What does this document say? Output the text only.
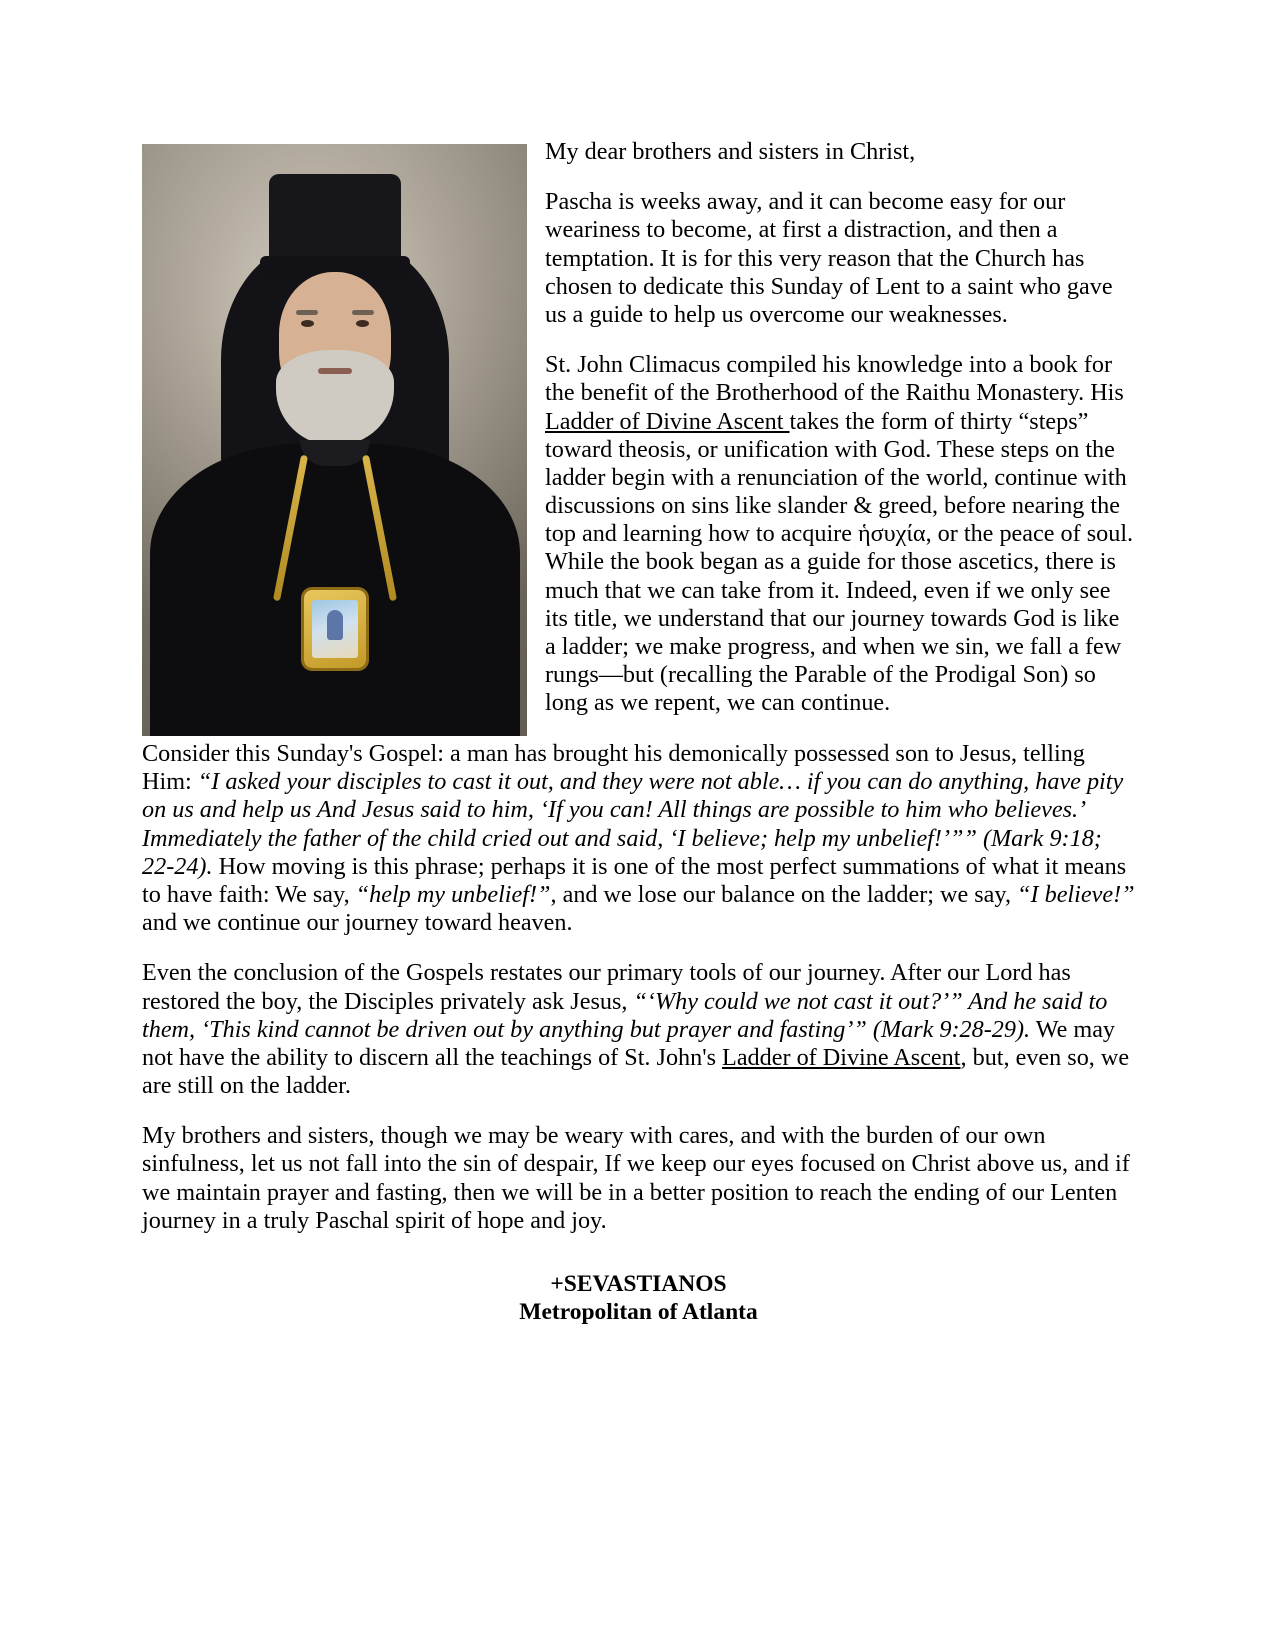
My dear brothers and sisters in Christ,

Pascha is weeks away, and it can become easy for our weariness to become, at first a distraction, and then a temptation. It is for this very reason that the Church has chosen to dedicate this Sunday of Lent to a saint who gave us a guide to help us overcome our weaknesses.

St. John Climacus compiled his knowledge into a book for the benefit of the Brotherhood of the Raithu Monastery. His Ladder of Divine Ascent takes the form of thirty “steps” toward theosis, or unification with God. These steps on the ladder begin with a renunciation of the world, continue with discussions on sins like slander & greed, before nearing the top and learning how to acquire ἡσυχία, or the peace of soul. While the book began as a guide for those ascetics, there is much that we can take from it. Indeed, even if we only see its title, we understand that our journey towards God is like a ladder; we make progress, and when we sin, we fall a few rungs—but (recalling the Parable of the Prodigal Son) so long as we repent, we can continue.

Consider this Sunday's Gospel: a man has brought his demonically possessed son to Jesus, telling Him: “I asked your disciples to cast it out, and they were not able… if you can do anything, have pity on us and help us And Jesus said to him, ‘If you can! All things are possible to him who believes.’ Immediately the father of the child cried out and said, ‘I believe; help my unbelief!’”” (Mark 9:18; 22-24). How moving is this phrase; perhaps it is one of the most perfect summations of what it means to have faith: We say, “help my unbelief!”, and we lose our balance on the ladder; we say, “I believe!” and we continue our journey toward heaven.

Even the conclusion of the Gospels restates our primary tools of our journey. After our Lord has restored the boy, the Disciples privately ask Jesus, “‘Why could we not cast it out?’” And he said to them, ‘This kind cannot be driven out by anything but prayer and fasting’” (Mark 9:28-29). We may not have the ability to discern all the teachings of St. John's Ladder of Divine Ascent, but, even so, we are still on the ladder.

My brothers and sisters, though we may be weary with cares, and with the burden of our own sinfulness, let us not fall into the sin of despair, If we keep our eyes focused on Christ above us, and if we maintain prayer and fasting, then we will be in a better position to reach the ending of our Lenten journey in a truly Paschal spirit of hope and joy.

+SEVASTIANOS
Metropolitan of Atlanta
